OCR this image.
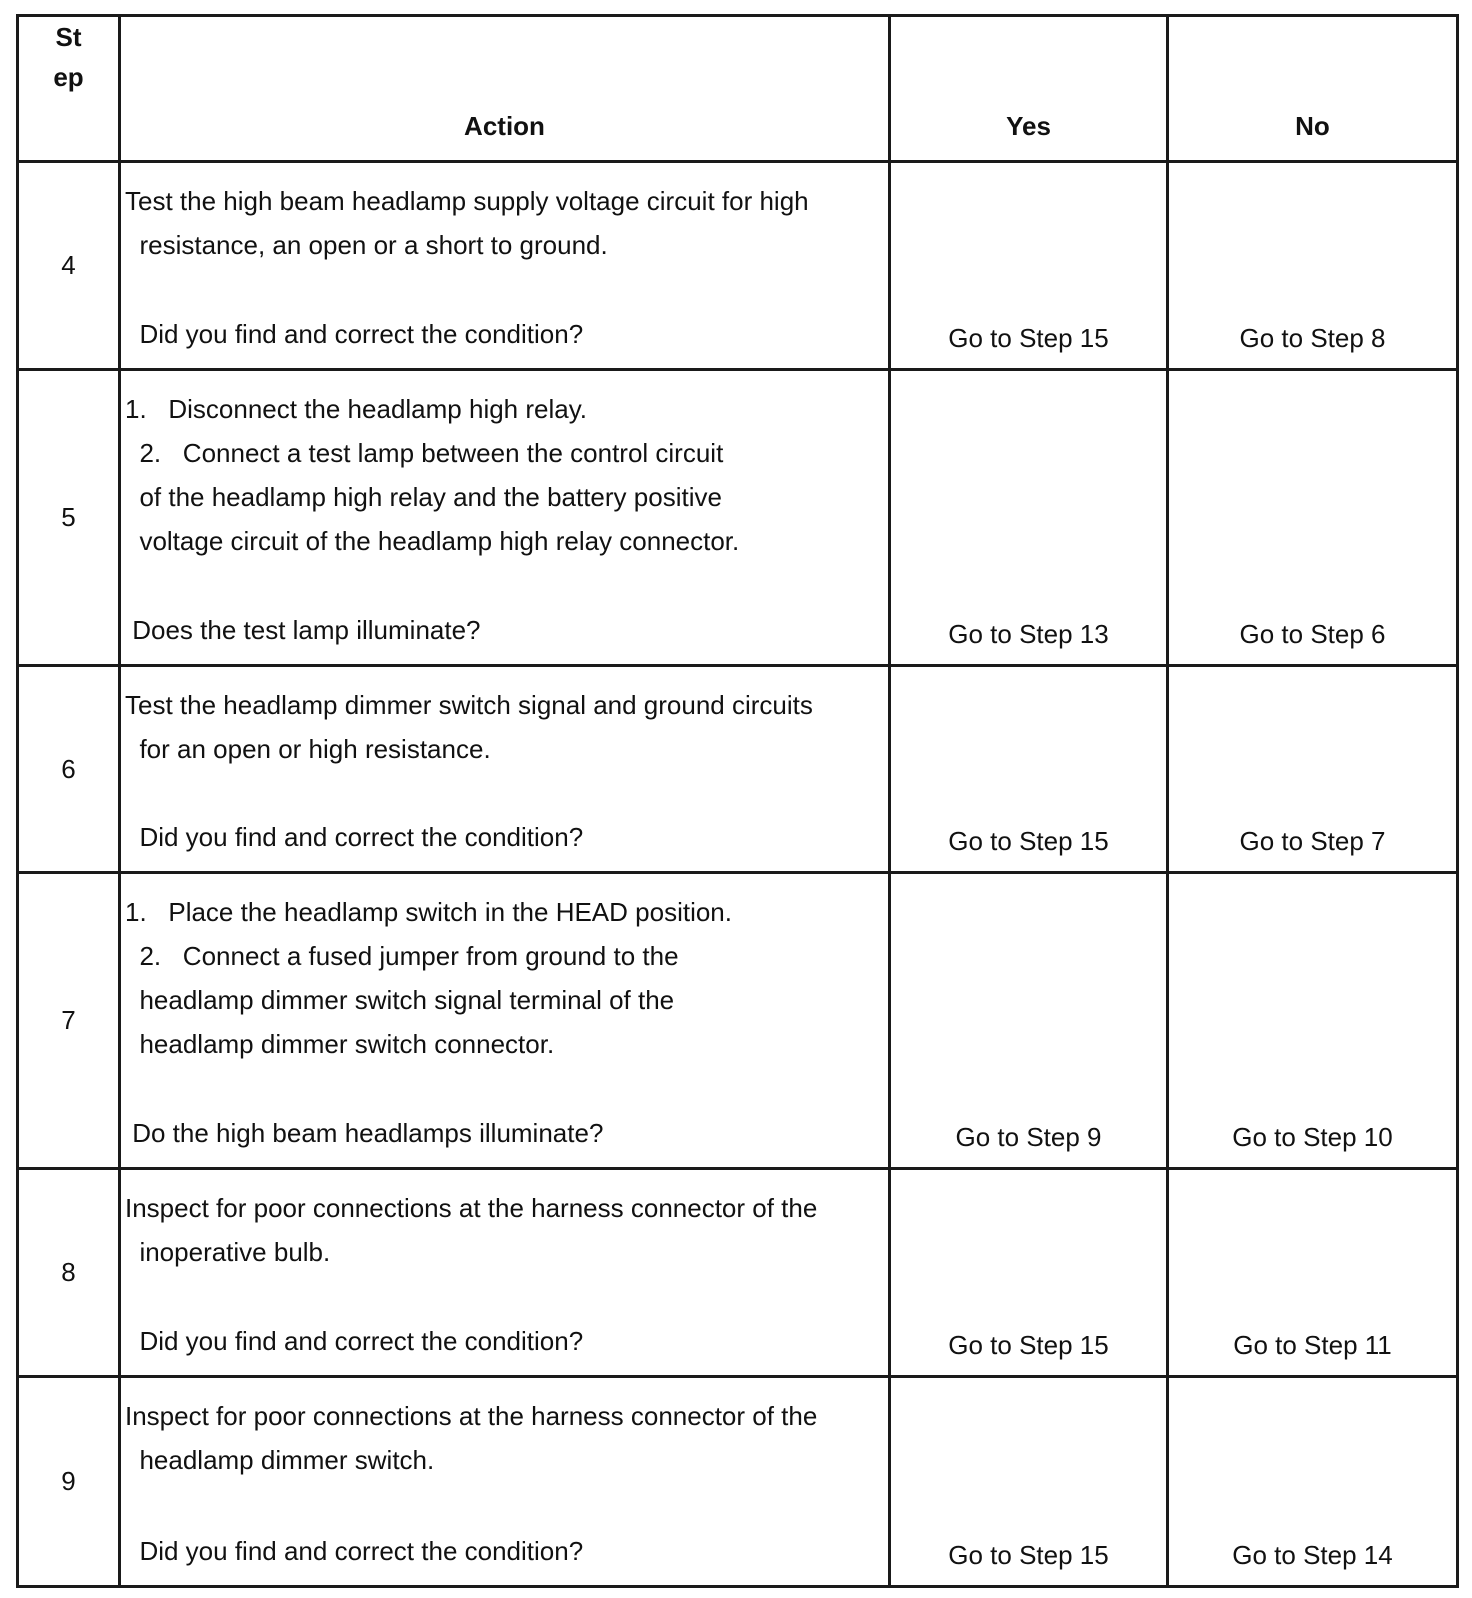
St
ep	Action	Yes	No
4	Test the high beam headlamp supply voltage circuit for high
resistance, an open or a short to ground.
Did you find and correct the condition?	Go to Step 15	Go to Step 8

5	1.   Disconnect the headlamp high relay.
2.   Connect a test lamp between the control circuit
of the headlamp high relay and the battery positive
voltage circuit of the headlamp high relay connector.
Does the test lamp illuminate?	Go to Step 13	Go to Step 6

6	Test the headlamp dimmer switch signal and ground circuits
for an open or high resistance.
Did you find and correct the condition?	Go to Step 15	Go to Step 7

7	1.   Place the headlamp switch in the HEAD position.
2.   Connect a fused jumper from ground to the
headlamp dimmer switch signal terminal of the
headlamp dimmer switch connector.
Do the high beam headlamps illuminate?	Go to Step 9	Go to Step 10

8	Inspect for poor connections at the harness connector of the
inoperative bulb.
Did you find and correct the condition?	Go to Step 15	Go to Step 11

9	Inspect for poor connections at the harness connector of the
headlamp dimmer switch.
Did you find and correct the condition?	Go to Step 15	Go to Step 14
